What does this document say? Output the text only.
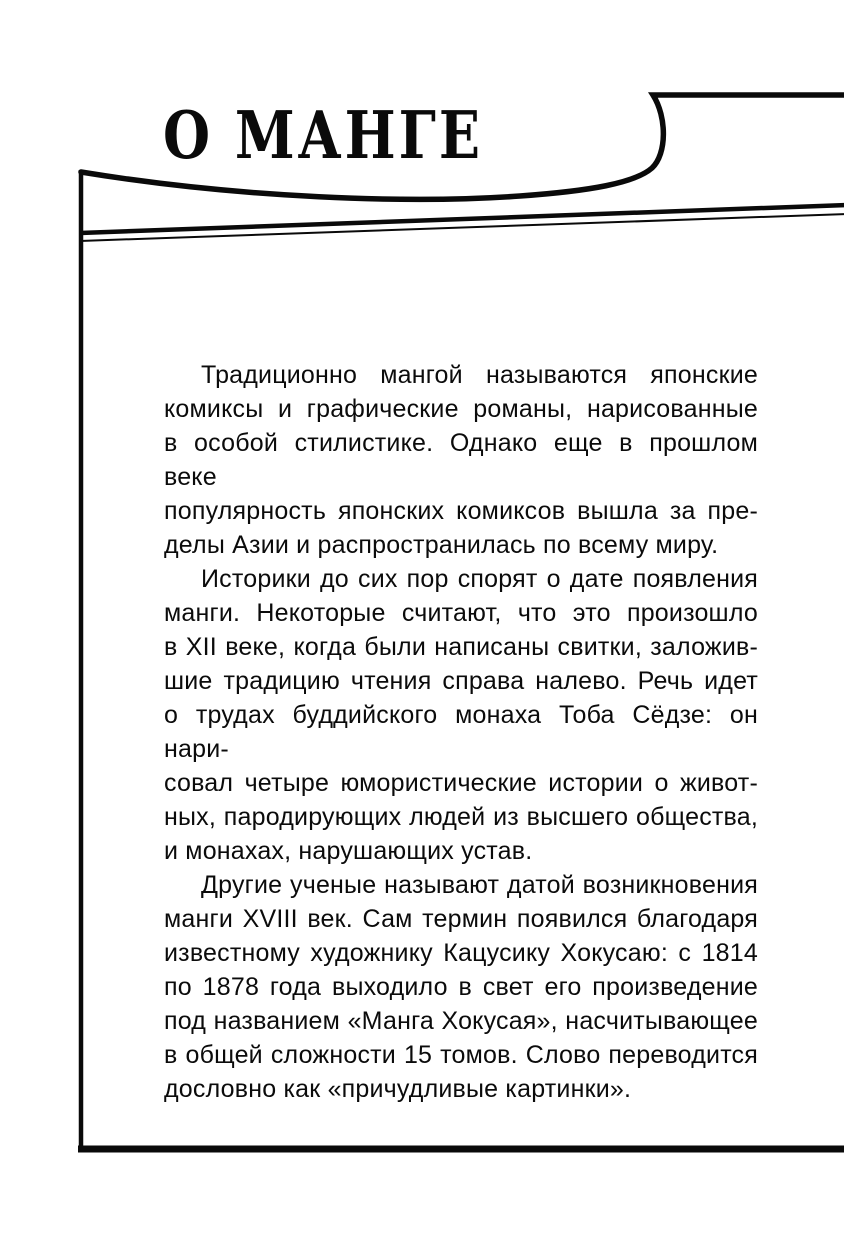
О МАНГЕ
Традиционно мангой называются японские
комиксы и графические романы, нарисованные
в особой стилистике. Однако еще в прошлом веке
популярность японских комиксов вышла за пре-
делы Азии и распространилась по всему миру.
Историки до сих пор спорят о дате появления
манги. Некоторые считают, что это произошло
в XII веке, когда были написаны свитки, заложив-
шие традицию чтения справа налево. Речь идет
о трудах буддийского монаха Тоба Сёдзе: он нари-
совал четыре юмористические истории о живот-
ных, пародирующих людей из высшего общества,
и монахах, нарушающих устав.
Другие ученые называют датой возникновения
манги XVIII век. Сам термин появился благодаря
известному художнику Кацусику Хокусаю: с 1814
по 1878 года выходило в свет его произведение
под названием «Манга Хокусая», насчитывающее
в общей сложности 15 томов. Слово переводится
дословно как «причудливые картинки».
